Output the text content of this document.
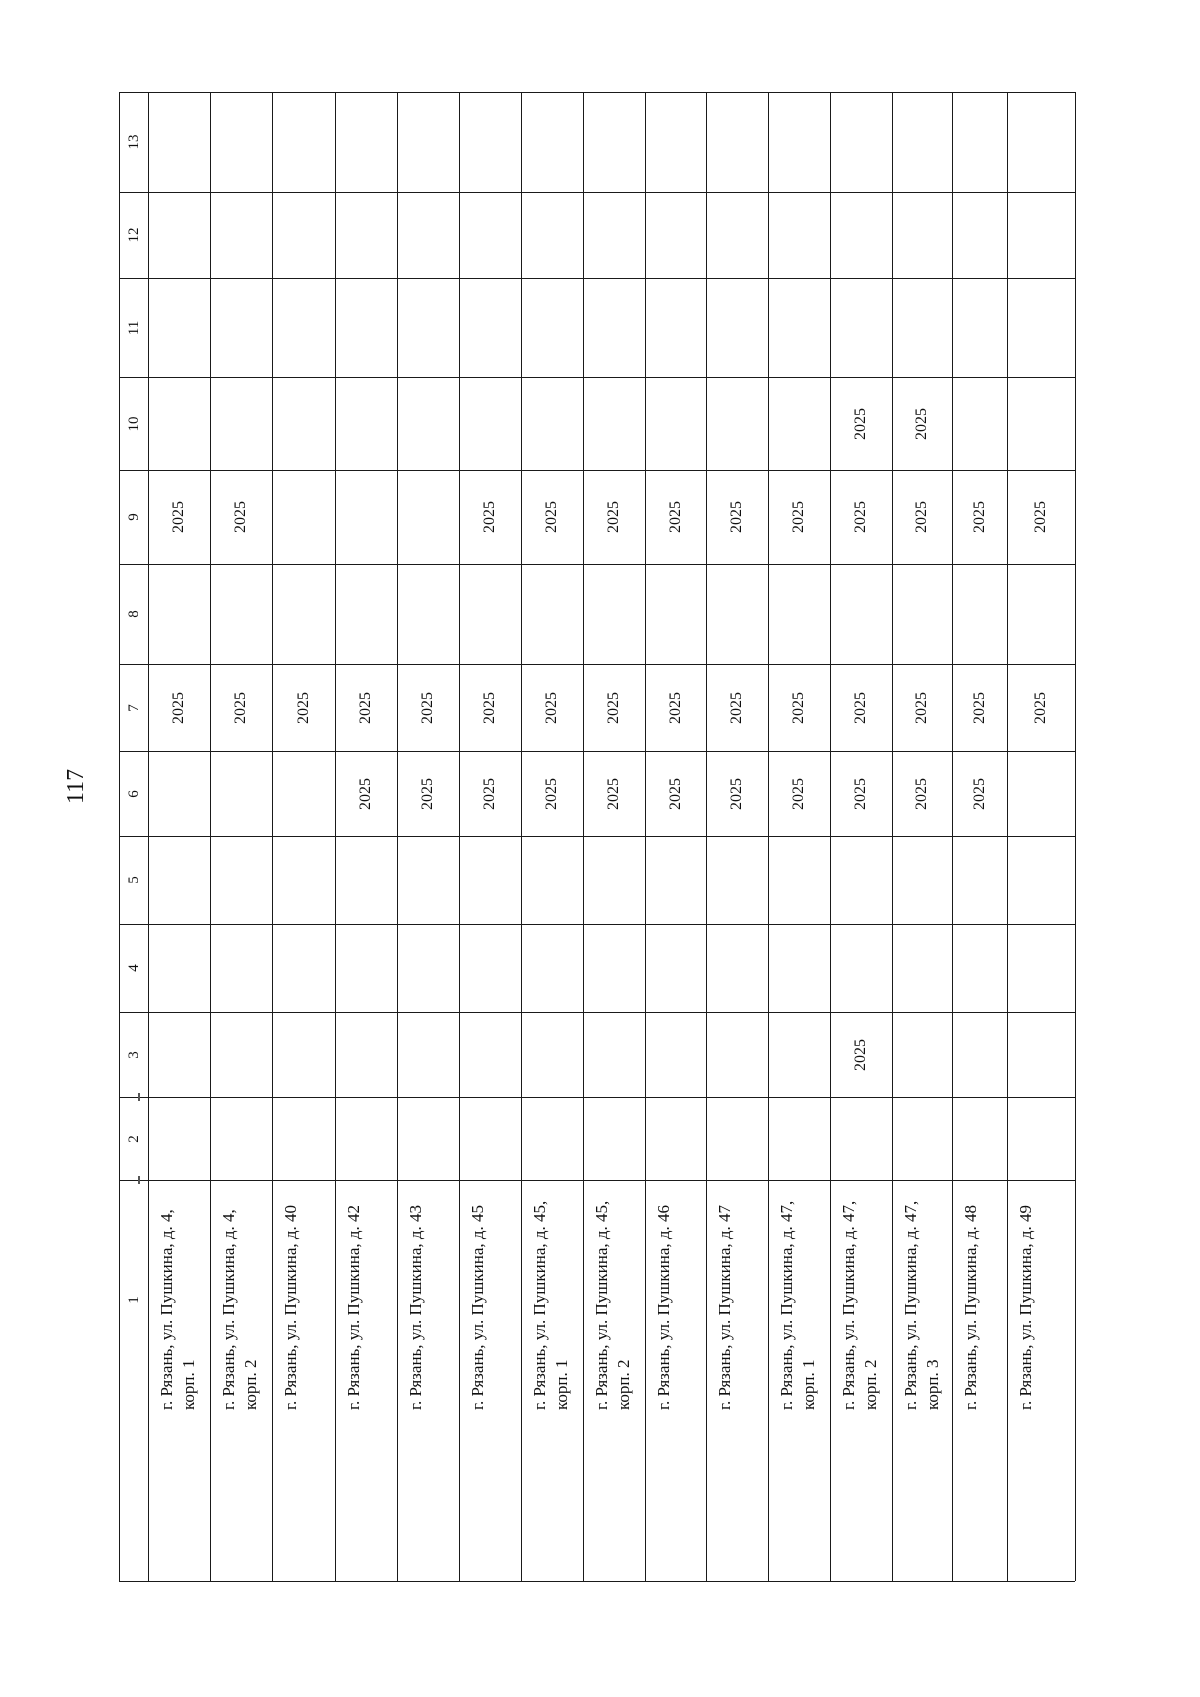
117
1
2
3
4
5
6
7
8
9
10
11
12
13
г. Рязань, ул. Пушкина, д. 4, корп. 1
2025
2025
г. Рязань, ул. Пушкина, д. 4, корп. 2
2025
2025
г. Рязань, ул. Пушкина, д. 40
2025
г. Рязань, ул. Пушкина, д. 42
2025
2025
г. Рязань, ул. Пушкина, д. 43
2025
2025
г. Рязань, ул. Пушкина, д. 45
2025
2025
2025
г. Рязань, ул. Пушкина, д. 45, корп. 1
2025
2025
2025
г. Рязань, ул. Пушкина, д. 45, корп. 2
2025
2025
2025
г. Рязань, ул. Пушкина, д. 46
2025
2025
2025
г. Рязань, ул. Пушкина, д. 47
2025
2025
2025
г. Рязань, ул. Пушкина, д. 47, корп. 1
2025
2025
2025
г. Рязань, ул. Пушкина, д. 47, корп. 2
2025
2025
2025
2025
2025
г. Рязань, ул. Пушкина, д. 47, корп. 3
2025
2025
2025
2025
г. Рязань, ул. Пушкина, д. 48
2025
2025
2025
г. Рязань, ул. Пушкина, д. 49
2025
2025
